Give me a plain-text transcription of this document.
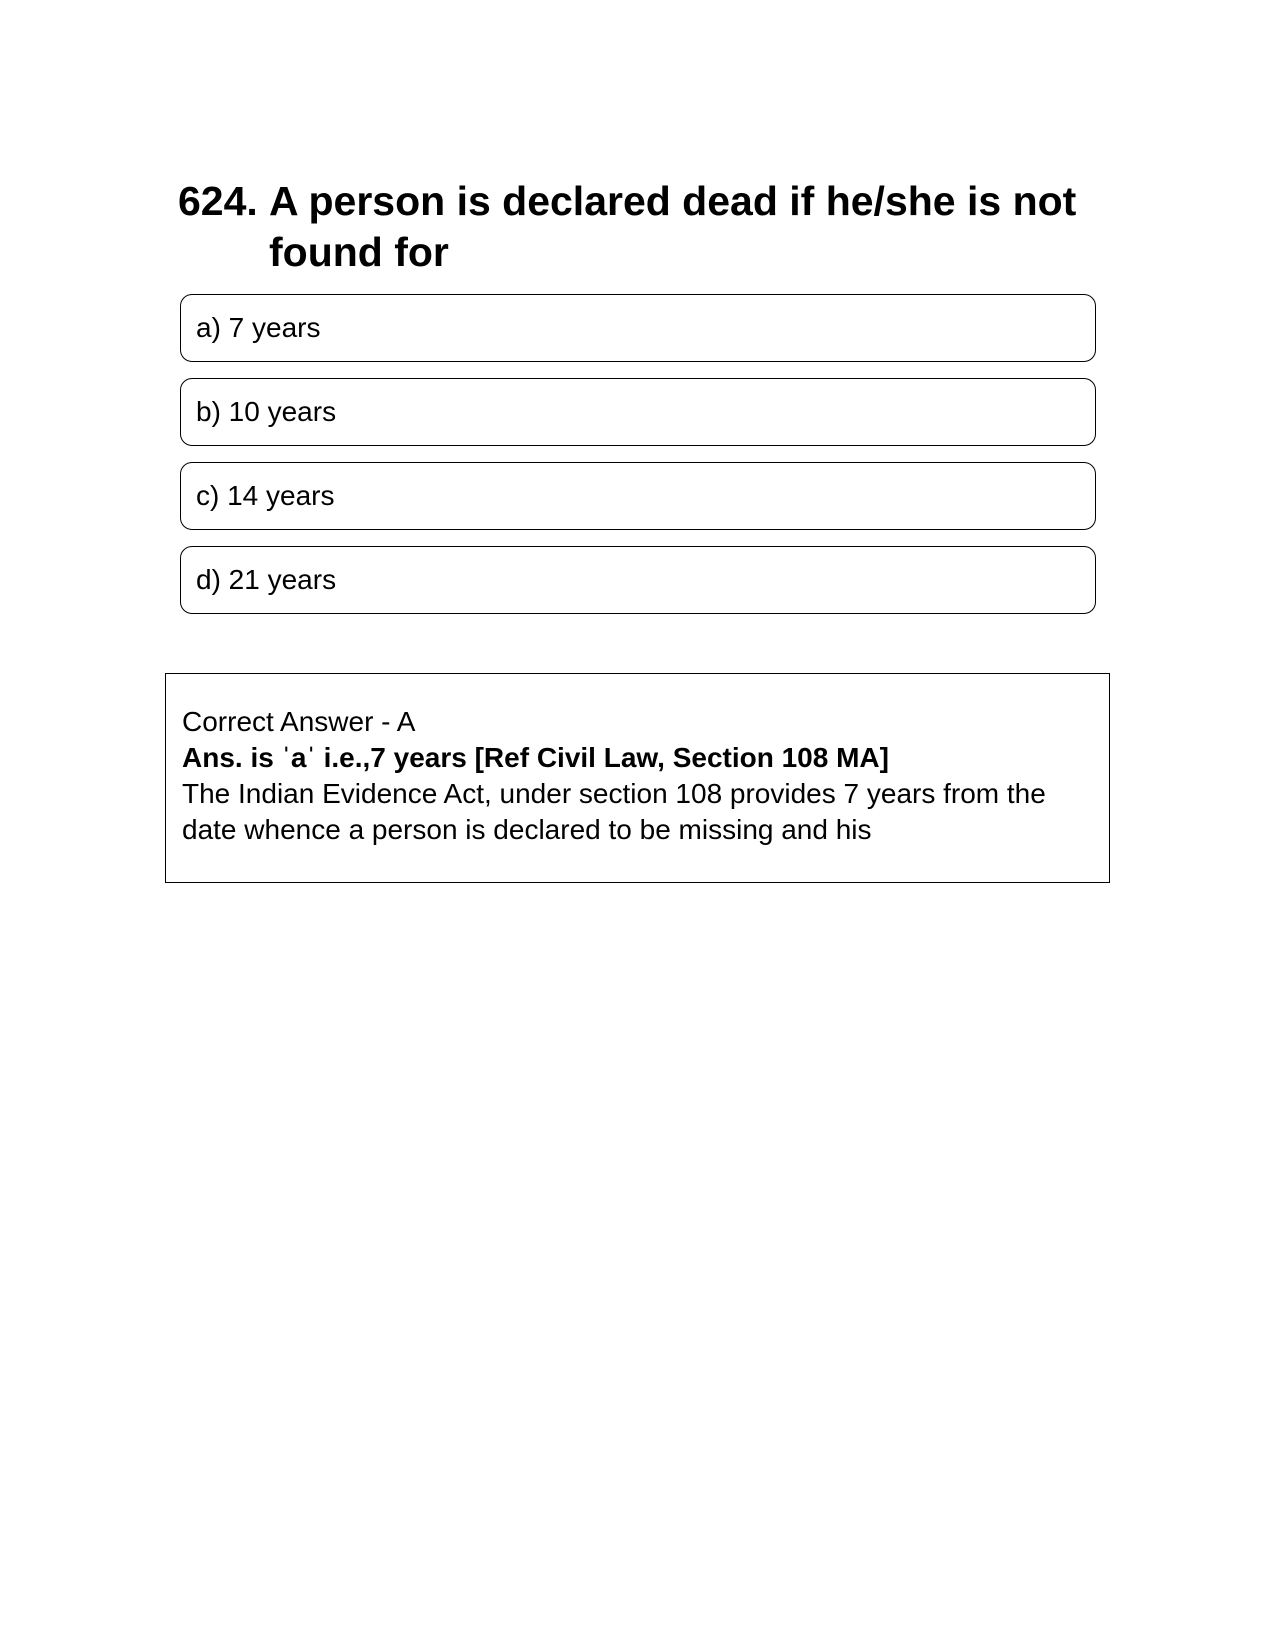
624. A person is declared dead if he/she is not found for
a) 7 years
b) 10 years
c) 14 years
d) 21 years
Correct Answer - A
Ans. is ˈaˈ i.e.,7 years [Ref Civil Law, Section 108 MA]
The Indian Evidence Act, under section 108 provides 7 years from the date whence a person is declared to be missing and his
